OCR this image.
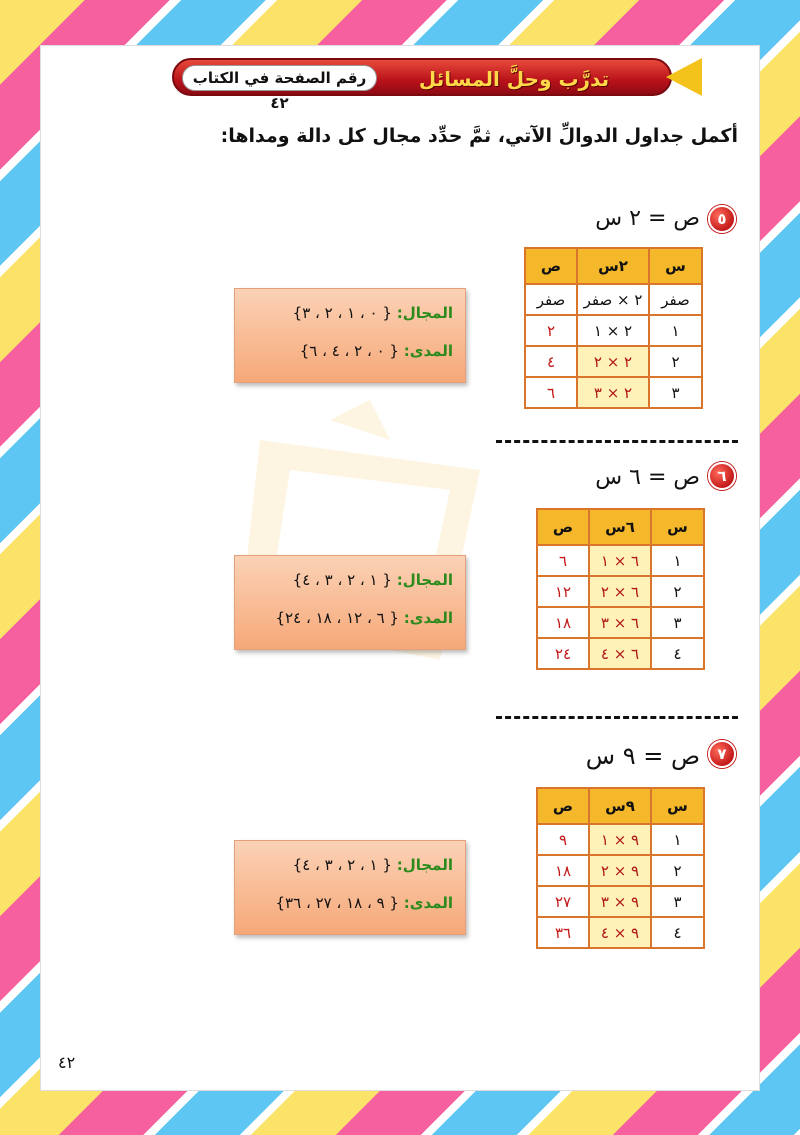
رقم الصفحة في الكتاب ٤٢
تدرَّب وحلَّ المسائل
أكمل جداول الدوالِّ الآتي، ثمَّ حدِّد مجال كل دالة ومداها:
٥
ص = ٢ س
س	٢س	ص
صفر	٢ × صفر	صفر
١	٢ × ١	٢
٢	٢ × ٢	٤
٣	٢ × ٣	٦
المجال: { ٠ ، ١ ، ٢ ، ٣}
المدى: { ٠ ، ٢ ، ٤ ، ٦}
٦
ص = ٦ س
س	٦س	ص
١	٦ × ١	٦
٢	٦ × ٢	١٢
٣	٦ × ٣	١٨
٤	٦ × ٤	٢٤
المجال: { ١ ، ٢ ، ٣ ، ٤}
المدى: { ٦ ، ١٢ ، ١٨ ، ٢٤}
٧
ص = ٩ س
س	٩س	ص
١	٩ × ١	٩
٢	٩ × ٢	١٨
٣	٩ × ٣	٢٧
٤	٩ × ٤	٣٦
المجال: { ١ ، ٢ ، ٣ ، ٤}
المدى: { ٩ ، ١٨ ، ٢٧ ، ٣٦}
٤٢
